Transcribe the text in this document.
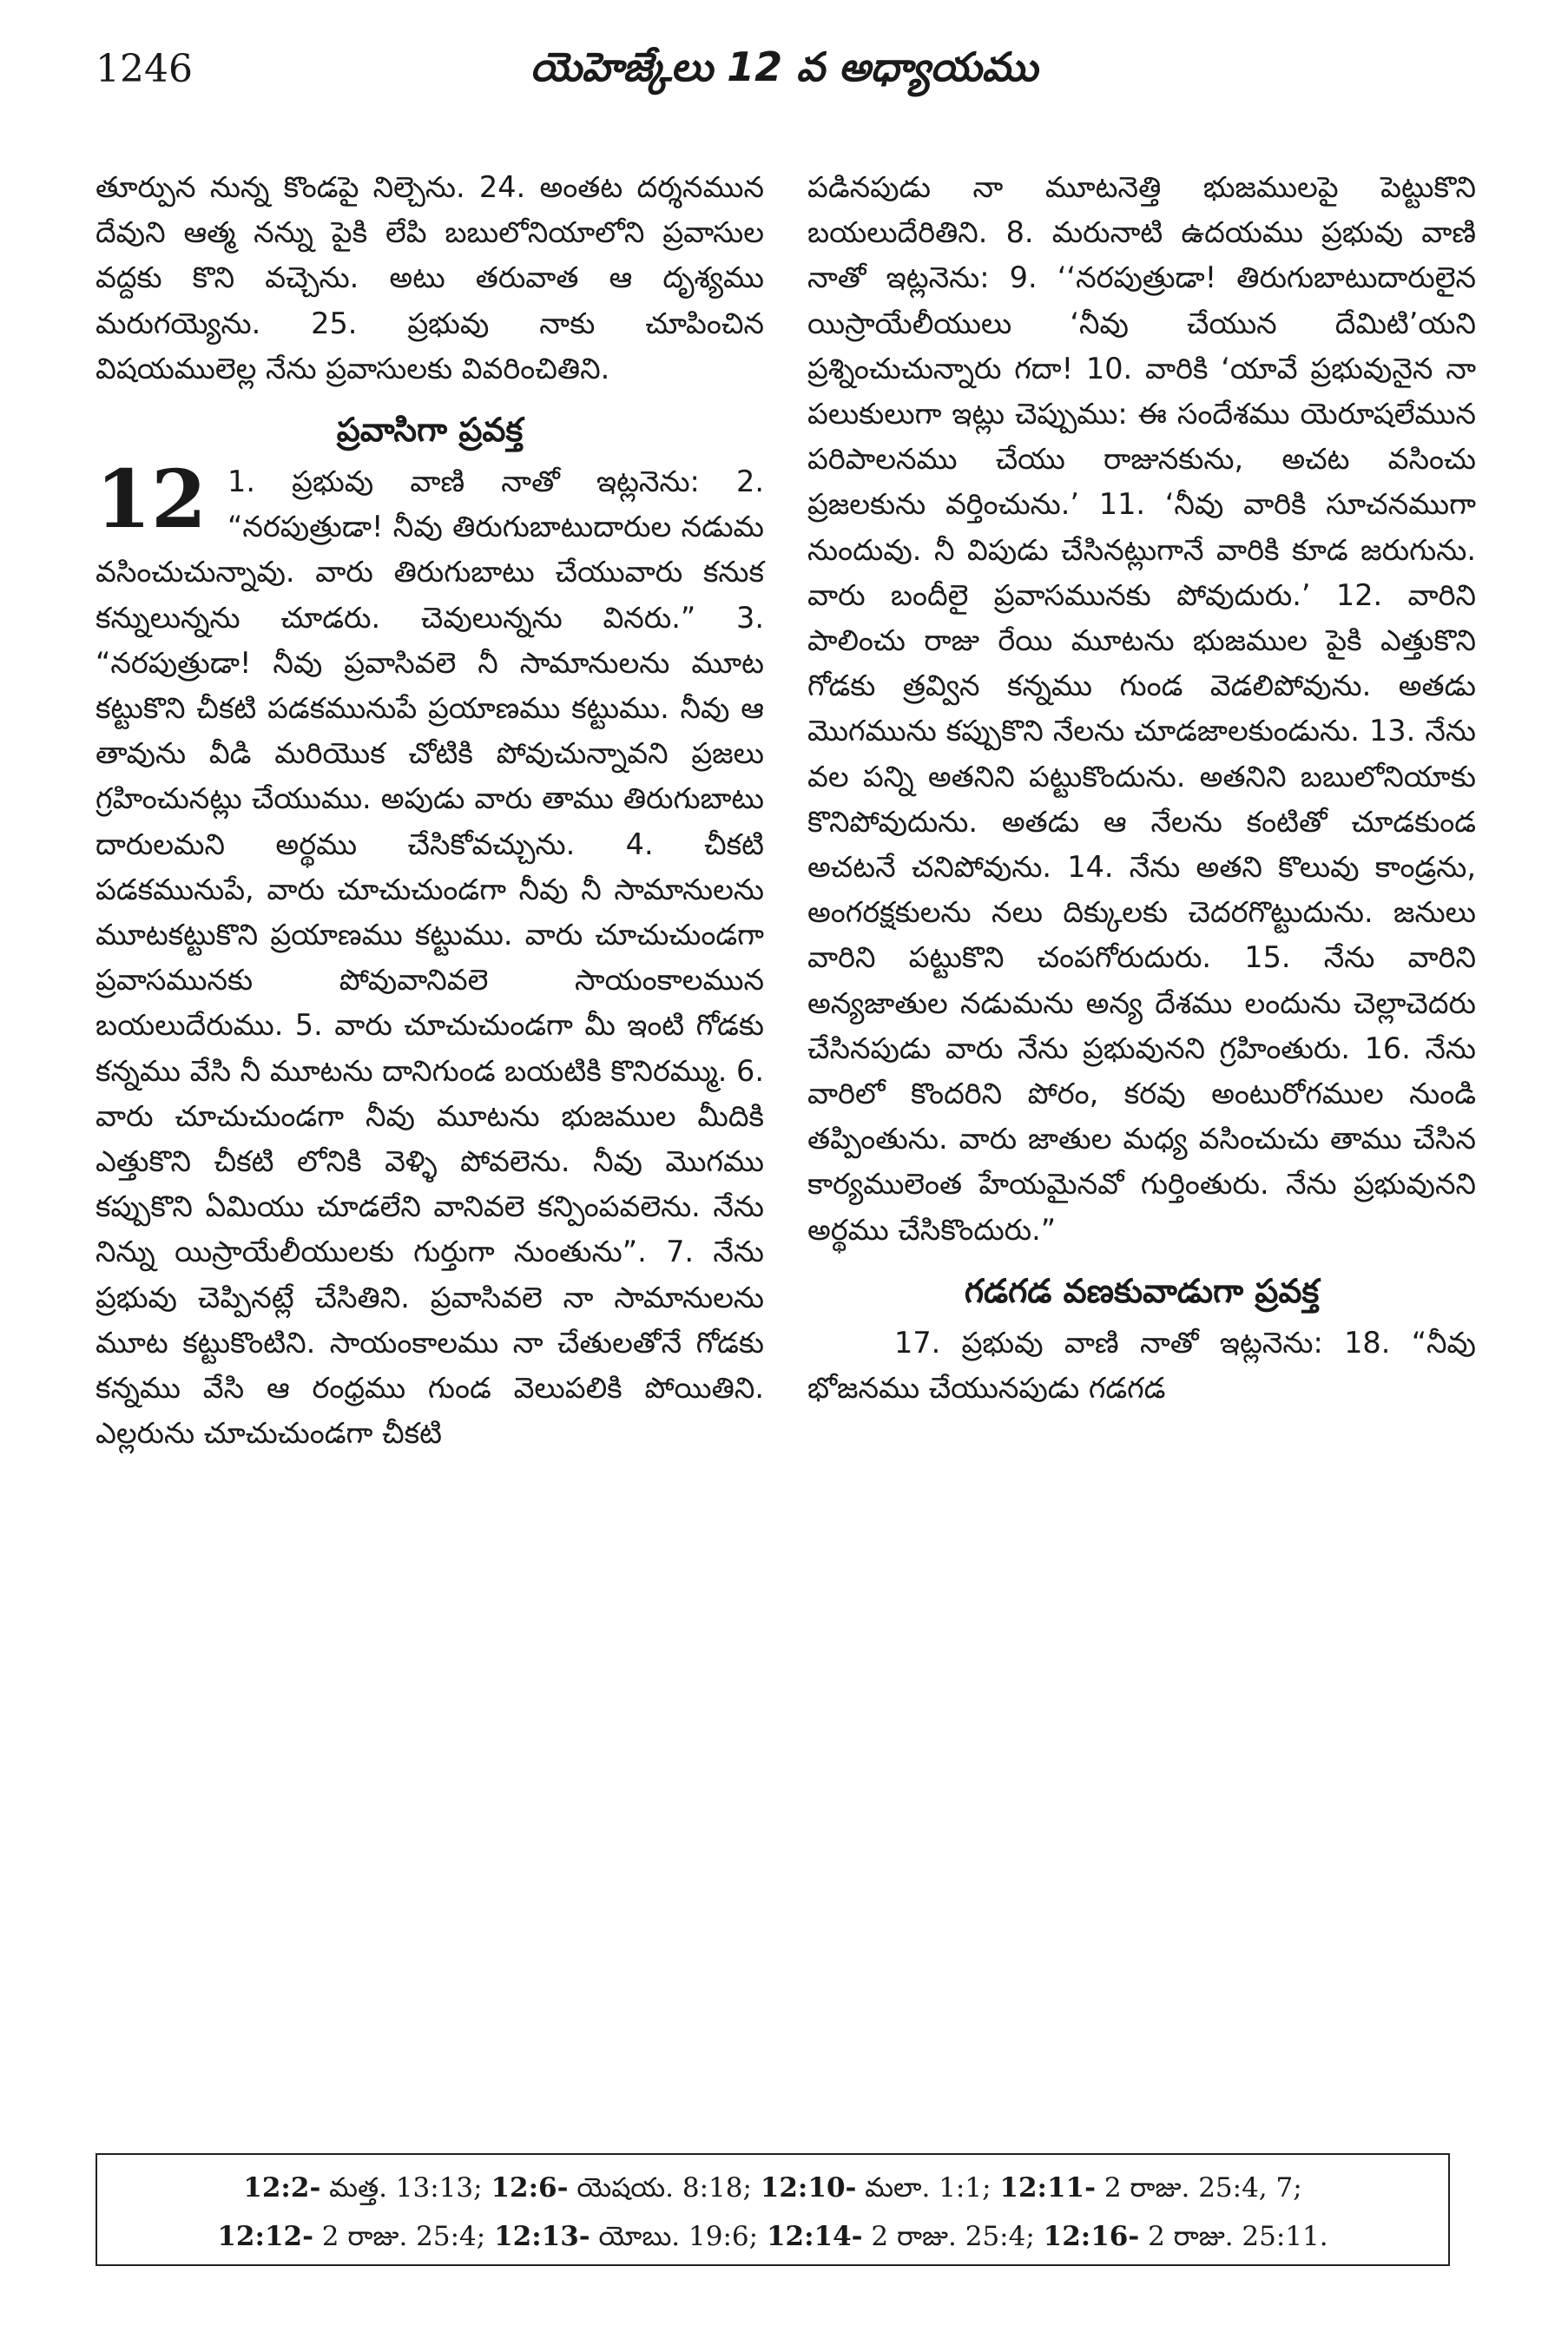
1246	యెహెజ్కేలు 12 వ అధ్యాయము

తూర్పున నున్న కొండపై నిల్చెను. 24. అంతట దర్శనమున దేవుని ఆత్మ నన్ను పైకి లేపి బబులోనియాలోని ప్రవాసుల వద్దకు కొని వచ్చెను. అటు తరువాత ఆ దృశ్యము మరుగయ్యెను. 25. ప్రభువు నాకు చూపించిన విషయములెల్ల నేను ప్రవాసులకు వివరించితిని.

ప్రవాసిగా ప్రవక్త

12 1. ప్రభువు వాణి నాతో ఇట్లనెను: 2. “నరపుత్రుడా! నీవు తిరుగుబాటుదారుల నడుమ వసించుచున్నావు. వారు తిరుగుబాటు చేయువారు కనుక కన్నులున్నను చూడరు. చెవులున్నను వినరు.” 3. “నరపుత్రుడా! నీవు ప్రవాసివలె నీ సామానులను మూట కట్టుకొని చీకటి పడకమునుపే ప్రయాణము కట్టుము. నీవు ఆ తావును వీడి మరియొక చోటికి పోవుచున్నావని ప్రజలు గ్రహించునట్లు చేయుము. అపుడు వారు తాము తిరుగుబాటు దారులమని అర్థము చేసికోవచ్చును. 4. చీకటి పడకమునుపే, వారు చూచుచుండగా నీవు నీ సామానులను మూటకట్టుకొని ప్రయాణము కట్టుము. వారు చూచుచుండగా ప్రవాసమునకు పోవువానివలె సాయంకాలమున బయలుదేరుము. 5. వారు చూచుచుండగా మీ ఇంటి గోడకు కన్నము వేసి నీ మూటను దానిగుండ బయటికి కొనిరమ్ము. 6. వారు చూచుచుండగా నీవు మూటను భుజముల మీదికి ఎత్తుకొని చీకటి లోనికి వెళ్ళి పోవలెను. నీవు మొగము కప్పుకొని ఏమియు చూడలేని వానివలె కన్పింపవలెను. నేను నిన్ను యిస్రాయేలీయులకు గుర్తుగా నుంతును”. 7. నేను ప్రభువు చెప్పినట్లే చేసితిని. ప్రవాసివలె నా సామానులను మూట కట్టుకొంటిని. సాయంకాలము నా చేతులతోనే గోడకు కన్నము వేసి ఆ రంధ్రము గుండ వెలుపలికి పోయితిని. ఎల్లరును చూచుచుండగా చీకటి

పడినపుడు నా మూటనెత్తి భుజములపై పెట్టుకొని బయలుదేరితిని. 8. మరునాటి ఉదయము ప్రభువు వాణి నాతో ఇట్లనెను: 9. ‘‘నరపుత్రుడా! తిరుగుబాటుదారులైన యిస్రాయేలీయులు ‘నీవు చేయున దేమిటి’యని ప్రశ్నించుచున్నారు గదా! 10. వారికి ‘యావే ప్రభువునైన నా పలుకులుగా ఇట్లు చెప్పుము: ఈ సందేశము యెరూషలేమున పరిపాలనము చేయు రాజునకును, అచట వసించు ప్రజలకును వర్తించును.’ 11. ‘నీవు వారికి సూచనముగా నుందువు. నీ విపుడు చేసినట్లుగానే వారికి కూడ జరుగును. వారు బందీలై ప్రవాసమునకు పోవుదురు.’ 12. వారిని పాలించు రాజు రేయి మూటను భుజముల పైకి ఎత్తుకొని గోడకు త్రవ్విన కన్నము గుండ వెడలిపోవును. అతడు మొగమును కప్పుకొని నేలను చూడజాలకుండును. 13. నేను వల పన్ని అతనిని పట్టుకొందును. అతనిని బబులోనియాకు కొనిపోవుదును. అతడు ఆ నేలను కంటితో చూడకుండ అచటనే చనిపోవును. 14. నేను అతని కొలువు కాండ్రను, అంగరక్షకులను నలు దిక్కులకు చెదరగొట్టుదును. జనులు వారిని పట్టుకొని చంపగోరుదురు. 15. నేను వారిని అన్యజాతుల నడుమను అన్య దేశము లందును చెల్లాచెదరు చేసినపుడు వారు నేను ప్రభువునని గ్రహింతురు. 16. నేను వారిలో కొందరిని పోరం, కరవు అంటురోగముల నుండి తప్పింతును. వారు జాతుల మధ్య వసించుచు తాము చేసిన కార్యములెంత హేయమైనవో గుర్తింతురు. నేను ప్రభువునని అర్థము చేసికొందురు.”

గడగడ వణకువాడుగా ప్రవక్త

17. ప్రభువు వాణి నాతో ఇట్లనెను: 18. “నీవు భోజనము చేయునపుడు గడగడ

12:2- మత్త. 13:13; 12:6- యెషయ. 8:18; 12:10- మలా. 1:1; 12:11- 2 రాజు. 25:4, 7;
12:12- 2 రాజు. 25:4; 12:13- యోబు. 19:6; 12:14- 2 రాజు. 25:4; 12:16- 2 రాజు. 25:11.
